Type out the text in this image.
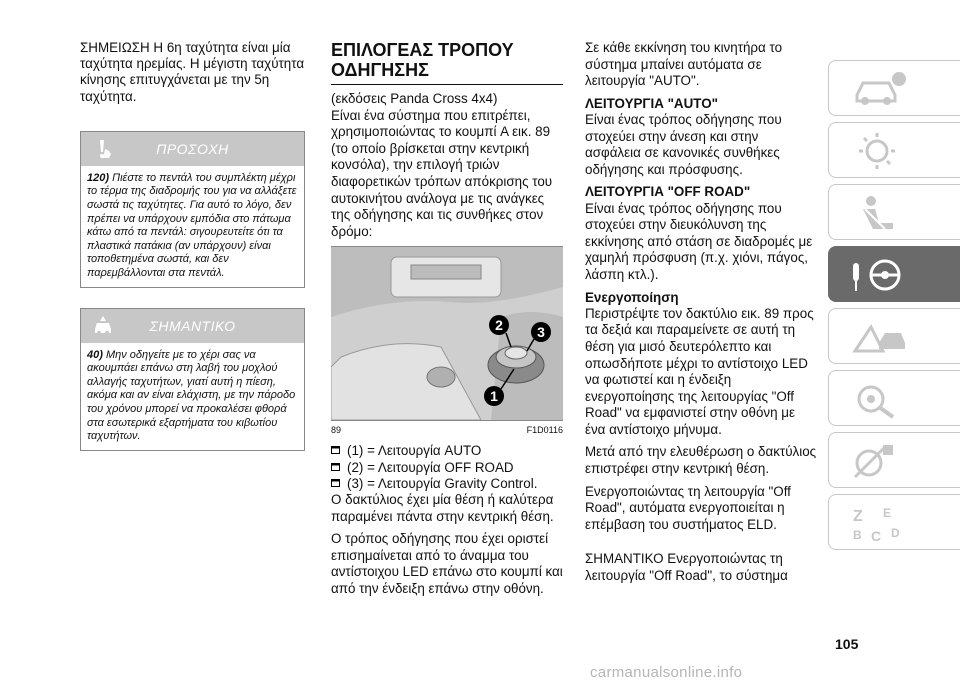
ΣΗΜΕΙΩΣΗ Η 6η ταχύτητα είναι μία ταχύτητα ηρεμίας. Η μέγιστη ταχύτητα κίνησης επιτυγχάνεται με την 5η ταχύτητα.

ΠΡΟΣΟΧΗ
120) Πιέστε το πεντάλ του συμπλέκτη μέχρι το τέρμα της διαδρομής του για να αλλάξετε σωστά τις ταχύτητες. Για αυτό το λόγο, δεν πρέπει να υπάρχουν εμπόδια στο πάτωμα κάτω από τα πεντάλ: σιγουρευτείτε ότι τα πλαστικά πατάκια (αν υπάρχουν) είναι τοποθετημένα σωστά, και δεν παρεμβάλλονται στα πεντάλ.
ΣΗΜΑΝΤΙΚΟ
40) Μην οδηγείτε με το χέρι σας να ακουμπάει επάνω στη λαβή του μοχλού αλλαγής ταχυτήτων, γιατί αυτή η πίεση, ακόμα και αν είναι ελάχιστη, με την πάροδο του χρόνου μπορεί να προκαλέσει φθορά στα εσωτερικά εξαρτήματα του κιβωτίου ταχυτήτων.
ΕΠΙΛΟΓΕΑΣ ΤΡΟΠΟΥ ΟΔΗΓΗΣΗΣ

(εκδόσεις Panda Cross 4x4)

Είναι ένα σύστημα που επιτρέπει, χρησιμοποιώντας το κουμπί A εικ. 89 (το οποίο βρίσκεται στην κεντρική κονσόλα), την επιλογή τριών διαφορετικών τρόπων απόκρισης του αυτοκινήτου ανάλογα με τις ανάγκες της οδήγησης και τις συνθήκες στον δρόμο:

2 3
1
89	F1D0116

(1) = Λειτουργία AUTO

(2) = Λειτουργία OFF ROAD

(3) = Λειτουργία Gravity Control.

Ο δακτύλιος έχει μία θέση ή καλύτερα παραμένει πάντα στην κεντρική θέση.

Ο τρόπος οδήγησης που έχει οριστεί επισημαίνεται από το άναμμα του αντίστοιχου LED επάνω στο κουμπί και από την ένδειξη επάνω στην οθόνη.

Σε κάθε εκκίνηση του κινητήρα το σύστημα μπαίνει αυτόματα σε λειτουργία "AUTO".

ΛΕΙΤΟΥΡΓΙΑ "AUTO"

Είναι ένας τρόπος οδήγησης που στοχεύει στην άνεση και στην ασφάλεια σε κανονικές συνθήκες οδήγησης και πρόσφυσης.

ΛΕΙΤΟΥΡΓΙΑ "OFF ROAD"

Είναι ένας τρόπος οδήγησης που στοχεύει στην διευκόλυνση της εκκίνησης από στάση σε διαδρομές με χαμηλή πρόσφυση (π.χ. χιόνι, πάγος, λάσπη κτλ.).

Ενεργοποίηση

Περιστρέψτε τον δακτύλιο εικ. 89 προς τα δεξιά και παραμείνετε σε αυτή τη θέση για μισό δευτερόλεπτο και οπωσδήποτε μέχρι το αντίστοιχο LED να φωτιστεί και η ένδειξη ενεργοποίησης της λειτουργίας "Off Road" να εμφανιστεί στην οθόνη με ένα αντίστοιχο μήνυμα.

Μετά από την ελευθέρωση ο δακτύλιος επιστρέφει στην κεντρική θέση.

Ενεργοποιώντας τη λειτουργία "Off Road", αυτόματα ενεργοποιείται η επέμβαση του συστήματος ELD.

ΣΗΜΑΝΤΙΚΟ Ενεργοποιώντας τη λειτουργία "Off Road", το σύστημα

Z E
B C D
105
carmanualsonline.info
